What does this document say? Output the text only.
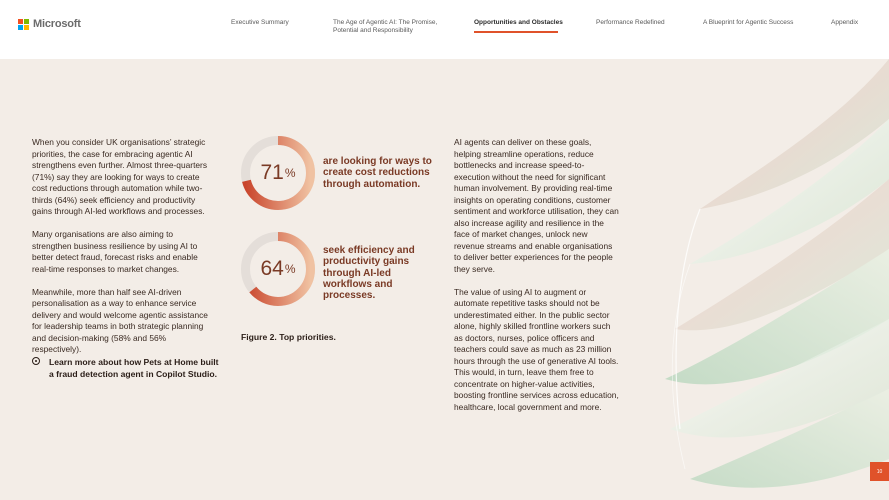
Microsoft	Executive Summary	The Age of Agentic AI: The Promise,
Potential and Responsibility
Opportunities and Obstacles	Performance Redefined	A Blueprint for Agentic Success	Appendix

When you consider UK organisations’ strategic priorities, the case for embracing agentic AI strengthens even further. Almost three-quarters (71%) say they are looking for ways to create cost reductions through automation while two-thirds (64%) seek efficiency and productivity gains through AI-led workflows and processes.

Many organisations are also aiming to strengthen business resilience by using AI to better detect fraud, forecast risks and enable real-time responses to market changes.

Meanwhile, more than half see AI-driven personalisation as a way to enhance service delivery and would welcome agentic assistance for leadership teams in both strategic planning and decision-making (58% and 56% respectively).

Learn more about how Pets at Home built a fraud detection agent in Copilot Studio.
71 %
are looking for ways to create cost reductions through automation.
64 %
seek efficiency and productivity gains through AI-led workflows and processes.
Figure 2. Top priorities.

AI agents can deliver on these goals, helping streamline operations, reduce bottlenecks and increase speed-to-execution without the need for significant human involvement. By providing real-time insights on operating conditions, customer sentiment and workforce utilisation, they can also increase agility and resilience in the face of market changes, unlock new revenue streams and enable organisations to deliver better experiences for the people they serve.

The value of using AI to augment or automate repetitive tasks should not be underestimated either. In the public sector alone, highly skilled frontline workers such as doctors, nurses, police officers and teachers could save as much as 23 million hours through the use of generative AI tools. This would, in turn, leave them free to concentrate on higher-value activities, boosting frontline services across education, healthcare, local government and more.

10
